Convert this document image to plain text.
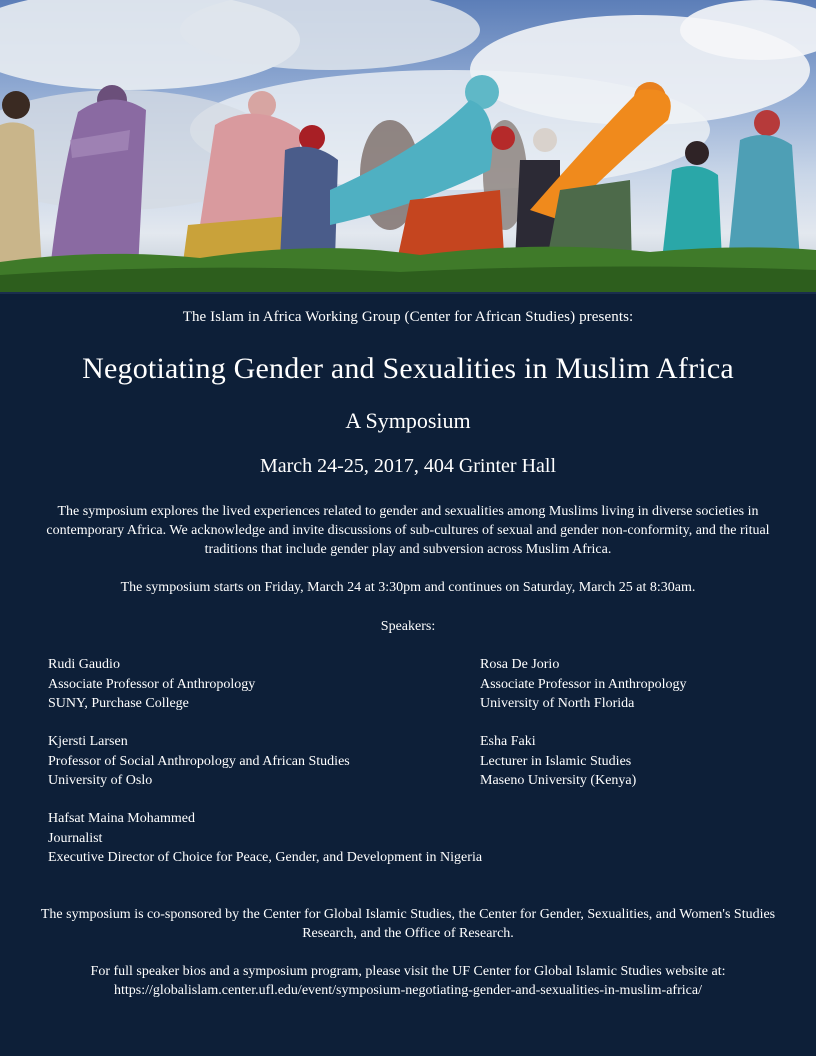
The Islam in Africa Working Group (Center for African Studies) presents:
Negotiating Gender and Sexualities in Muslim Africa
A Symposium
March 24-25, 2017, 404 Grinter Hall
The symposium explores the lived experiences related to gender and sexualities among Muslims living in diverse societies in contemporary Africa. We acknowledge and invite discussions of sub-cultures of sexual and gender non-conformity, and the ritual traditions that include gender play and subversion across Muslim Africa.
The symposium starts on Friday, March 24 at 3:30pm and continues on Saturday, March 25 at 8:30am.
Speakers:
Rudi Gaudio
Associate Professor of Anthropology
SUNY, Purchase College
Rosa De Jorio
Associate Professor in Anthropology
University of North Florida
Kjersti Larsen
Professor of Social Anthropology and African Studies
University of Oslo
Esha Faki
Lecturer in Islamic Studies
Maseno University (Kenya)
Hafsat Maina Mohammed
Journalist
Executive Director of Choice for Peace, Gender, and Development in Nigeria
The symposium is co-sponsored by the Center for Global Islamic Studies, the Center for Gender, Sexualities, and Women's Studies Research, and the Office of Research.
For full speaker bios and a symposium program, please visit the UF Center for Global Islamic Studies website at:
https://globalislam.center.ufl.edu/event/symposium-negotiating-gender-and-sexualities-in-muslim-africa/
